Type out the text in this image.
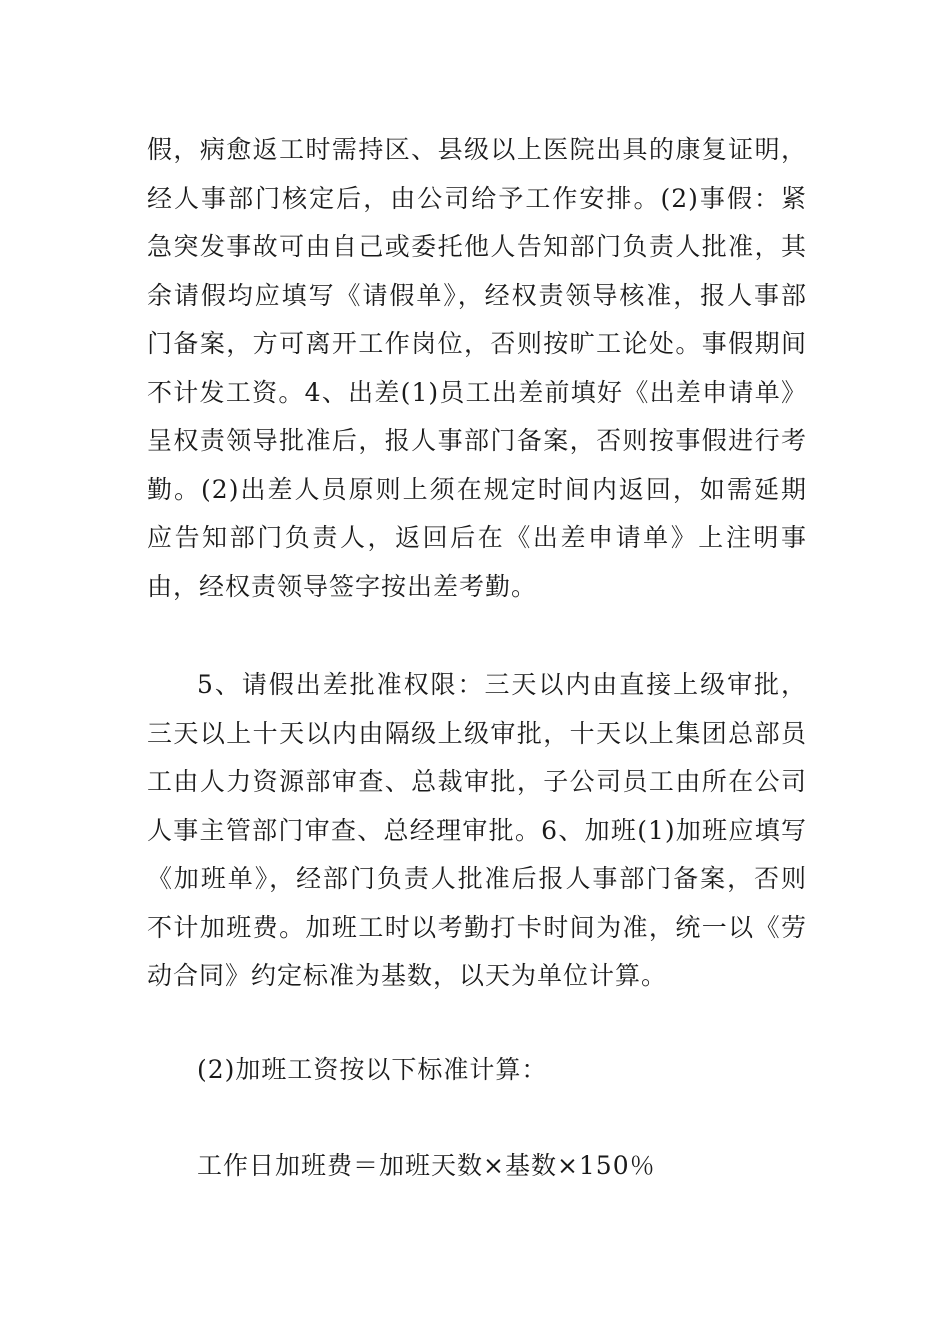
假，病愈返工时需持区、县级以上医院出具的康复证明，经人事部门核定后，由公司给予工作安排。(2)事假：紧急突发事故可由自己或委托他人告知部门负责人批准，其余请假均应填写《请假单》，经权责领导核准，报人事部门备案，方可离开工作岗位，否则按旷工论处。事假期间不计发工资。4、出差(1)员工出差前填好《出差申请单》呈权责领导批准后，报人事部门备案，否则按事假进行考勤。(2)出差人员原则上须在规定时间内返回，如需延期应告知部门负责人，返回后在《出差申请单》上注明事由，经权责领导签字按出差考勤。

5、请假出差批准权限：三天以内由直接上级审批，三天以上十天以内由隔级上级审批，十天以上集团总部员工由人力资源部审查、总裁审批，子公司员工由所在公司人事主管部门审查、总经理审批。6、加班(1)加班应填写《加班单》，经部门负责人批准后报人事部门备案，否则不计加班费。加班工时以考勤打卡时间为准，统一以《劳动合同》约定标准为基数，以天为单位计算。

(2)加班工资按以下标准计算：

工作日加班费＝加班天数×基数×150％
